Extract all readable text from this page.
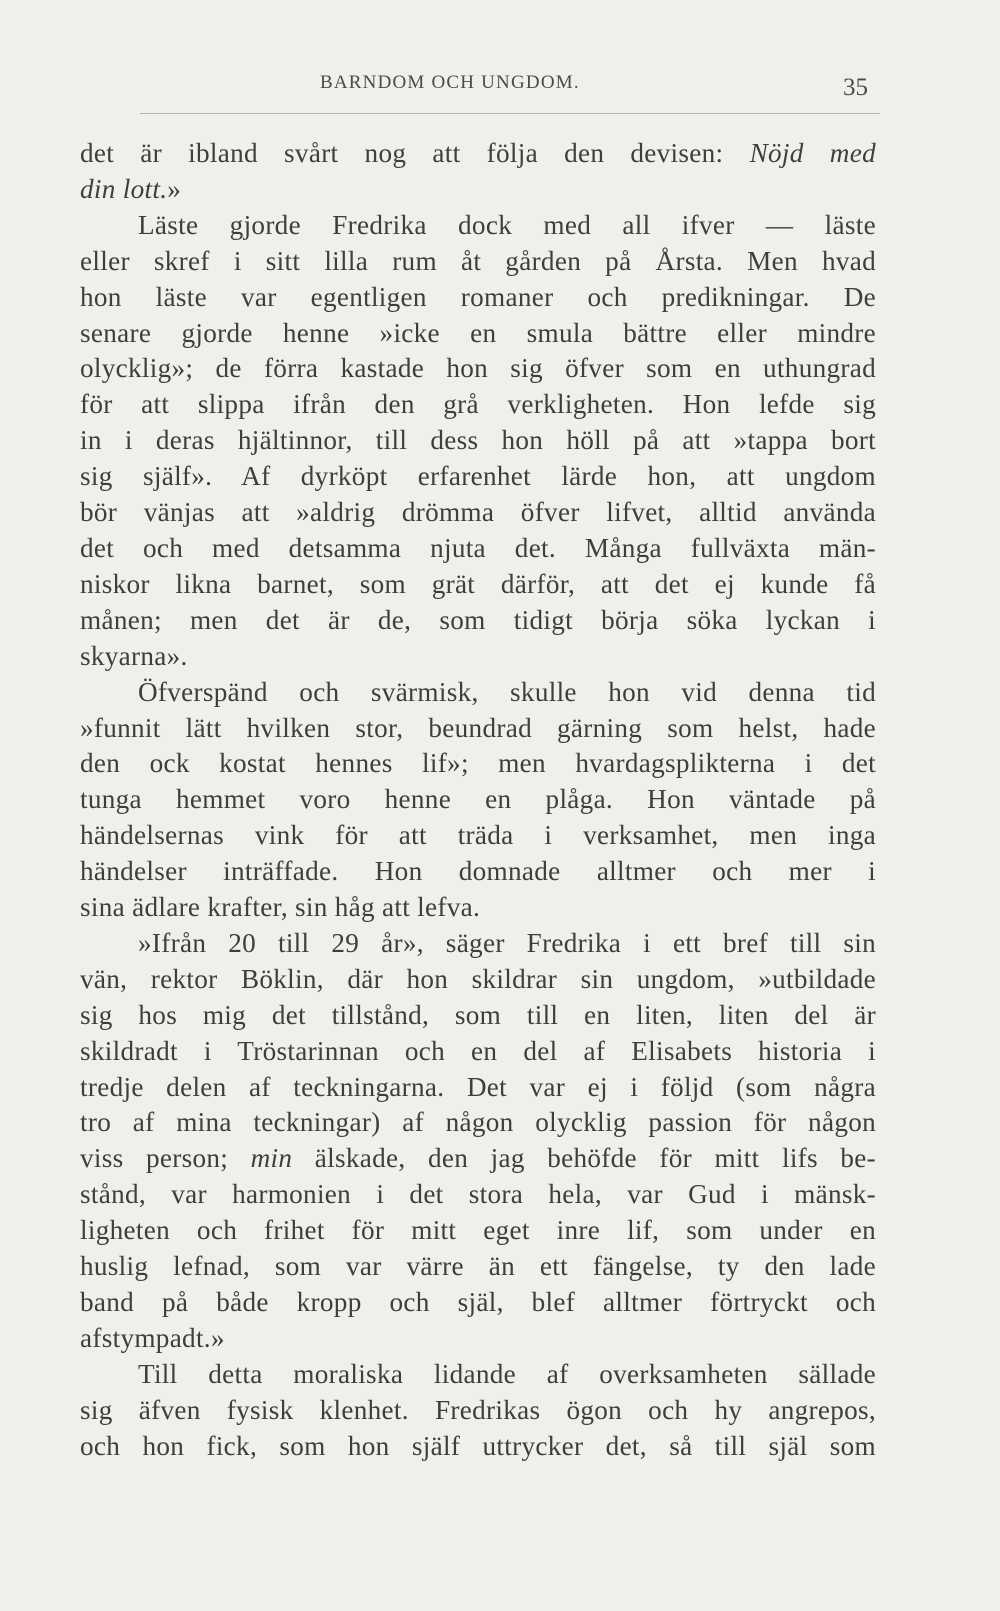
BARNDOM OCH UNGDOM.	35
det är ibland svårt nog att följa den devisen: Nöjd med
din lott.»
Läste gjorde Fredrika dock med all ifver — läste
eller skref i sitt lilla rum åt gården på Årsta. Men hvad
hon läste var egentligen romaner och predikningar. De
senare gjorde henne »icke en smula bättre eller mindre
olycklig»; de förra kastade hon sig öfver som en uthungrad
för att slippa ifrån den grå verkligheten. Hon lefde sig
in i deras hjältinnor, till dess hon höll på att »tappa bort
sig själf». Af dyrköpt erfarenhet lärde hon, att ungdom
bör vänjas att »aldrig drömma öfver lifvet, alltid använda
det och med detsamma njuta det. Många fullväxta män-
niskor likna barnet, som grät därför, att det ej kunde få
månen; men det är de, som tidigt börja söka lyckan i
skyarna».
Öfverspänd och svärmisk, skulle hon vid denna tid
»funnit lätt hvilken stor, beundrad gärning som helst, hade
den ock kostat hennes lif»; men hvardagsplikterna i det
tunga hemmet voro henne en plåga. Hon väntade på
händelsernas vink för att träda i verksamhet, men inga
händelser inträffade. Hon domnade alltmer och mer i
sina ädlare krafter, sin håg att lefva.
»Ifrån 20 till 29 år», säger Fredrika i ett bref till sin
vän, rektor Böklin, där hon skildrar sin ungdom, »utbildade
sig hos mig det tillstånd, som till en liten, liten del är
skildradt i Tröstarinnan och en del af Elisabets historia i
tredje delen af teckningarna. Det var ej i följd (som några
tro af mina teckningar) af någon olycklig passion för någon
viss person; min älskade, den jag behöfde för mitt lifs be-
stånd, var harmonien i det stora hela, var Gud i mänsk-
ligheten och frihet för mitt eget inre lif, som under en
huslig lefnad, som var värre än ett fängelse, ty den lade
band på både kropp och själ, blef alltmer förtryckt och
afstympadt.»
Till detta moraliska lidande af overksamheten sällade
sig äfven fysisk klenhet. Fredrikas ögon och hy angrepos,
och hon fick, som hon själf uttrycker det, så till själ som
